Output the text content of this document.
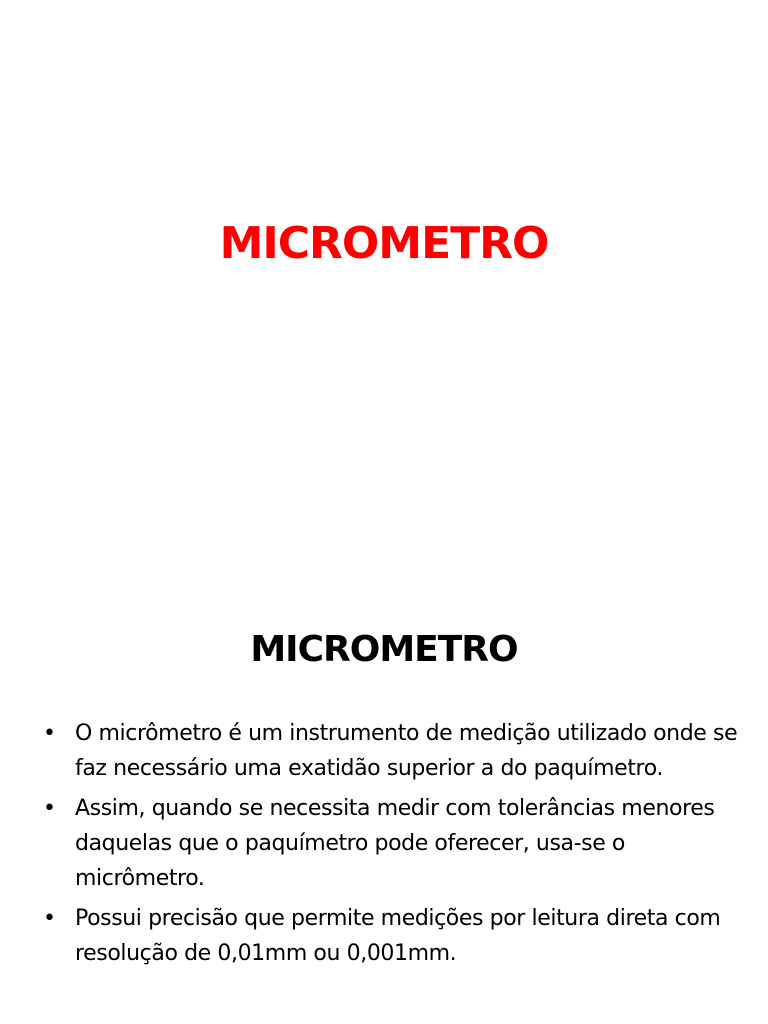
MICROMETRO
MICROMETRO
• O micrômetro é um instrumento de medição utilizado onde se faz necessário uma exatidão superior a do paquímetro.
• Assim, quando se necessita medir com tolerâncias menores daquelas que o paquímetro pode oferecer, usa-se o micrômetro.
• Possui precisão que permite medições por leitura direta com resolução de 0,01mm ou 0,001mm.
